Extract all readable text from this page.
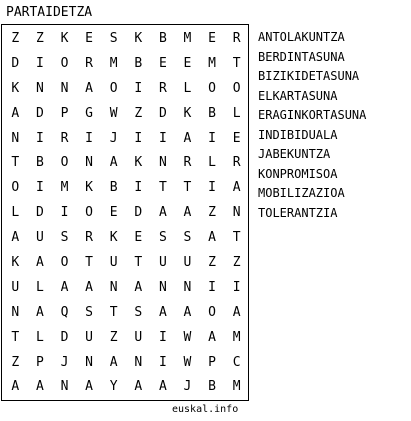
PARTAIDETZA
Z	Z	K	E	S	K	B	M	E	R
D	I	O	R	M	B	E	E	M	T
K	N	N	A	O	I	R	L	O	O
A	D	P	G	W	Z	D	K	B	L
N	I	R	I	J	I	I	A	I	E
T	B	O	N	A	K	N	R	L	R
O	I	M	K	B	I	T	T	I	A
L	D	I	O	E	D	A	A	Z	N
A	U	S	R	K	E	S	S	A	T
K	A	O	T	U	T	U	U	Z	Z
U	L	A	A	N	A	N	N	I	I
N	A	Q	S	T	S	A	A	O	A
T	L	D	U	Z	U	I	W	A	M
Z	P	J	N	A	N	I	W	P	C
A	A	N	A	Y	A	A	J	B	M
ANTOLAKUNTZA
BERDINTASUNA
BIZIKIDETASUNA
ELKARTASUNA
ERAGINKORTASUNA
INDIBIDUALA
JABEKUNTZA
KONPROMISOA
MOBILIZAZIOA
TOLERANTZIA
euskal.info
